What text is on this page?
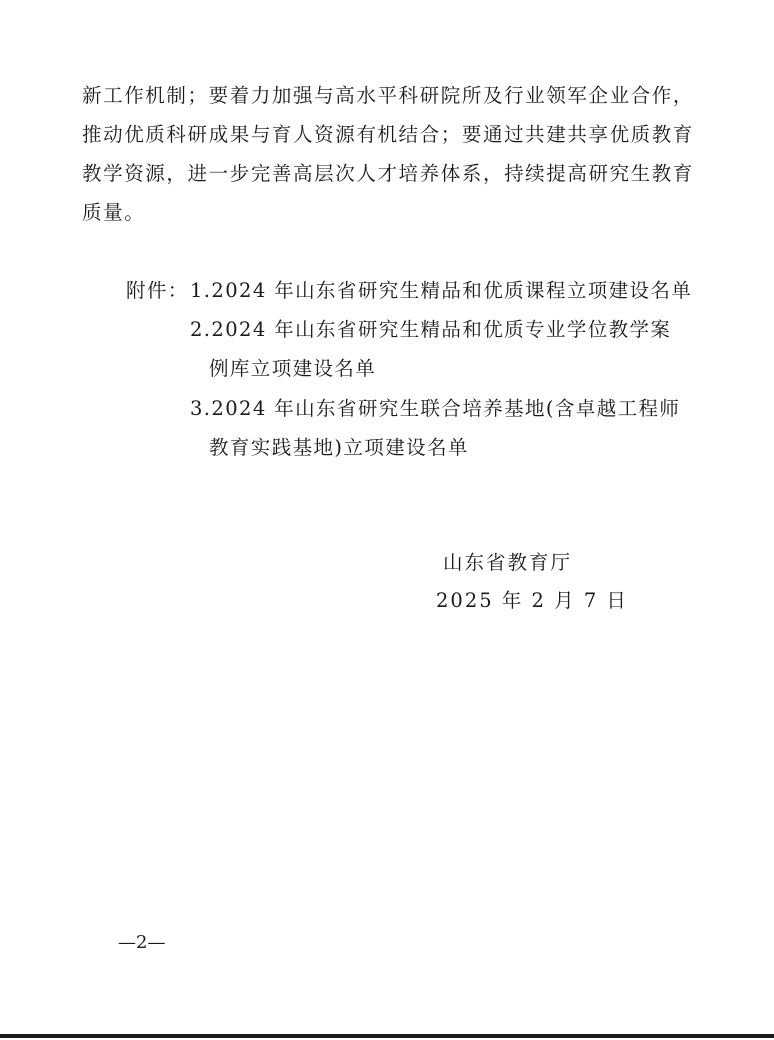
新工作机制；要着力加强与高水平科研院所及行业领军企业合作，推动优质科研成果与育人资源有机结合；要通过共建共享优质教育教学资源，进一步完善高层次人才培养体系，持续提高研究生教育质量。

附件： 1.2024 年山东省研究生精品和优质课程立项建设名单
2.2024 年山东省研究生精品和优质专业学位教学案
例库立项建设名单
3.2024 年山东省研究生联合培养基地(含卓越工程师
教育实践基地)立项建设名单
山东省教育厅
2025 年 2 月 7 日
—2—
